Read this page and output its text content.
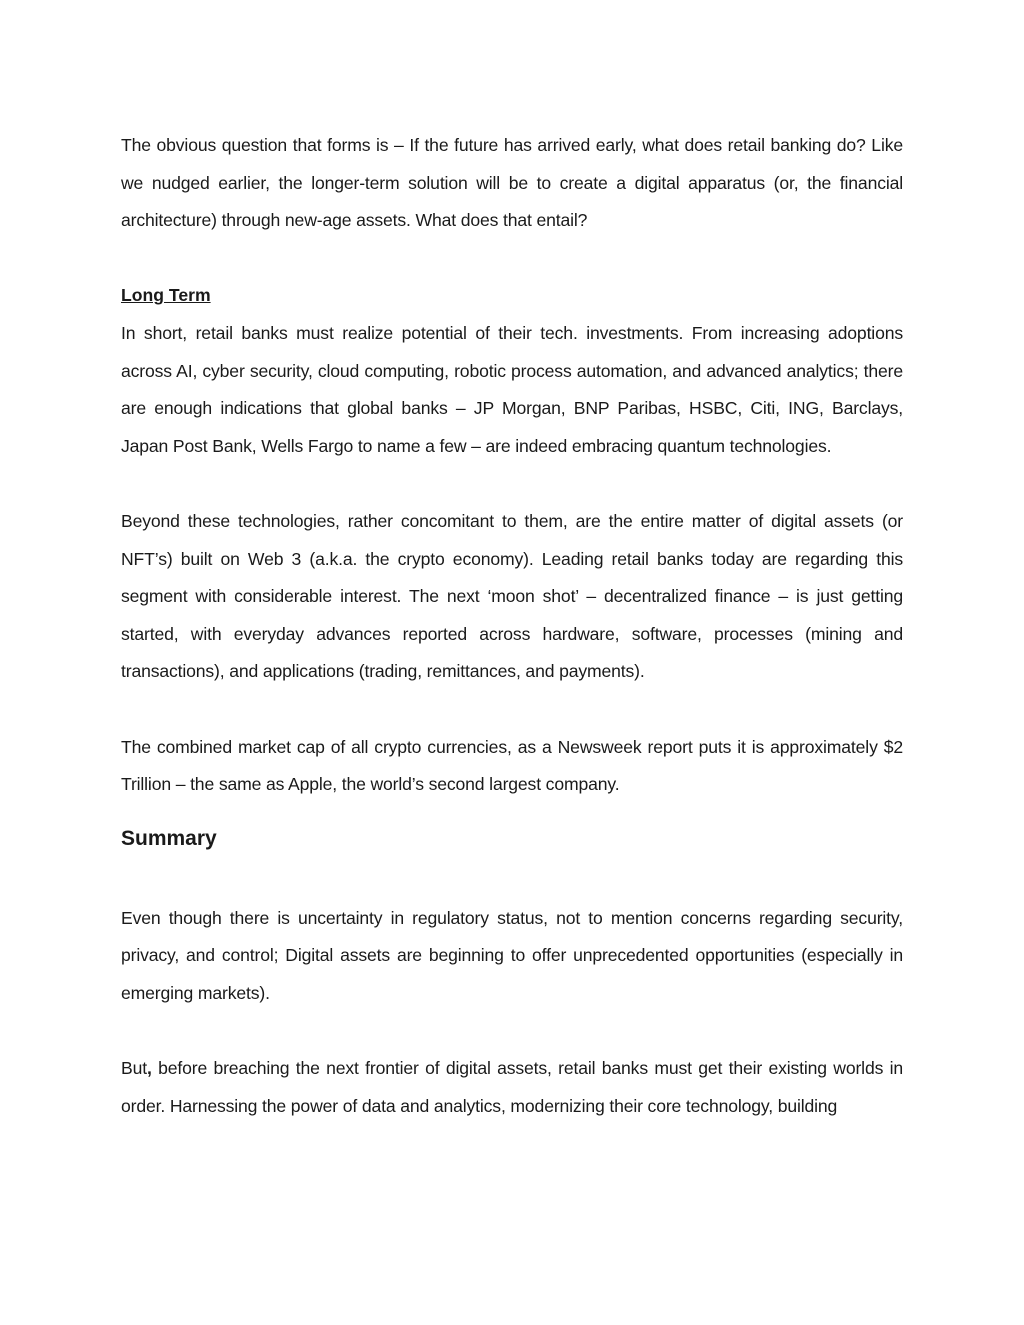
The obvious question that forms is – If the future has arrived early, what does retail banking do? Like we nudged earlier, the longer-term solution will be to create a digital apparatus (or, the financial architecture) through new-age assets. What does that entail?

Long Term

In short, retail banks must realize potential of their tech. investments. From increasing adoptions across AI, cyber security, cloud computing, robotic process automation, and advanced analytics; there are enough indications that global banks – JP Morgan, BNP Paribas, HSBC, Citi, ING, Barclays, Japan Post Bank, Wells Fargo to name a few – are indeed embracing quantum technologies.

Beyond these technologies, rather concomitant to them, are the entire matter of digital assets (or NFT’s) built on Web 3 (a.k.a. the crypto economy). Leading retail banks today are regarding this segment with considerable interest. The next ‘moon shot’ – decentralized finance – is just getting started, with everyday advances reported across hardware, software, processes (mining and transactions), and applications (trading, remittances, and payments).

The combined market cap of all crypto currencies, as a Newsweek report puts it is approximately $2 Trillion – the same as Apple, the world’s second largest company.

Summary

Even though there is uncertainty in regulatory status, not to mention concerns regarding security, privacy, and control; Digital assets are beginning to offer unprecedented opportunities (especially in emerging markets).

But, before breaching the next frontier of digital assets, retail banks must get their existing worlds in order. Harnessing the power of data and analytics, modernizing their core technology, building
